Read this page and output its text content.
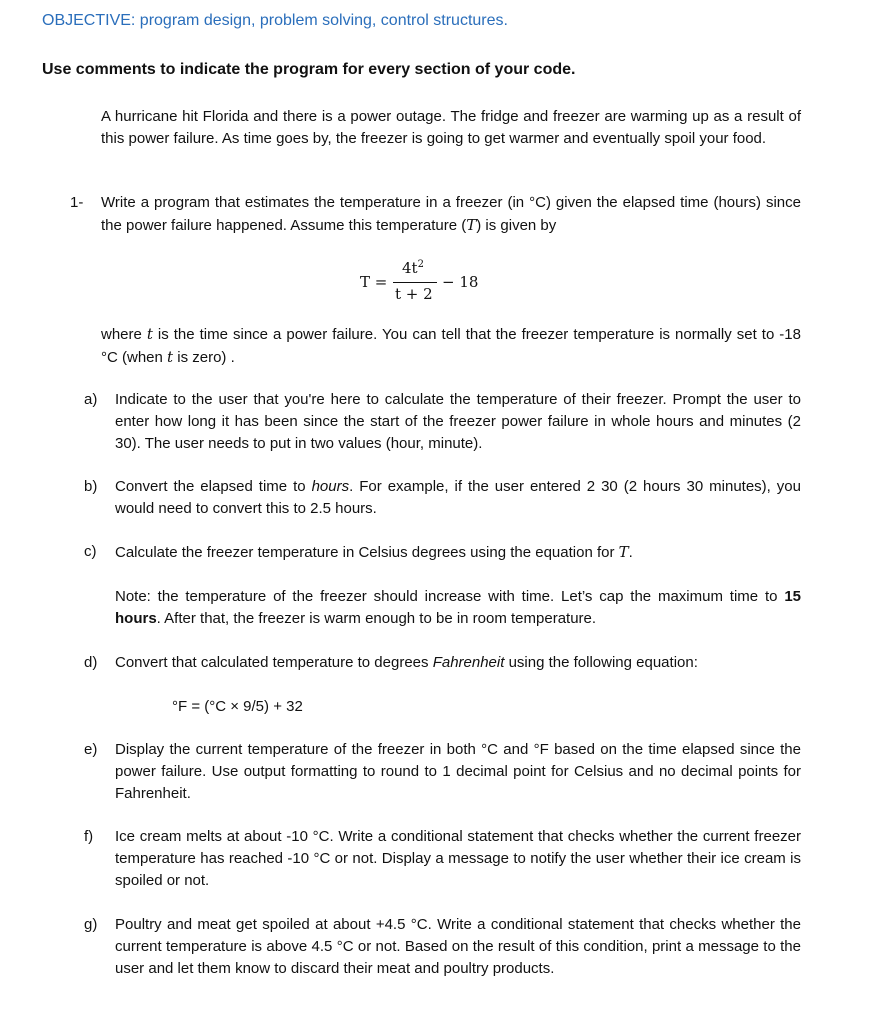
OBJECTIVE: program design, problem solving, control structures.
Use comments to indicate the program for every section of your code.
A hurricane hit Florida and there is a power outage. The fridge and freezer are warming up as a result of this power failure. As time goes by, the freezer is going to get warmer and eventually spoil your food.
1- Write a program that estimates the temperature in a freezer (in °C) given the elapsed time (hours) since the power failure happened. Assume this temperature (T) is given by
T =
$4t^2$
t + 2
− 18
where t is the time since a power failure. You can tell that the freezer temperature is normally set to -18 °C (when t is zero) .
a)	Indicate to the user that you're here to calculate the temperature of their freezer. Prompt the user to enter how long it has been since the start of the freezer power failure in whole hours and minutes (2 30). The user needs to put in two values (hour, minute).
b)	Convert the elapsed time to hours. For example, if the user entered 2 30 (2 hours 30 minutes), you would need to convert this to 2.5 hours.
c)	Calculate the freezer temperature in Celsius degrees using the equation for T.
Note: the temperature of the freezer should increase with time. Let’s cap the maximum time to 15 hours. After that, the freezer is warm enough to be in room temperature.
d)	Convert that calculated temperature to degrees Fahrenheit using the following equation:
°F = (°C × 9/5) + 32
e)	Display the current temperature of the freezer in both °C and °F based on the time elapsed since the power failure. Use output formatting to round to 1 decimal point for Celsius and no decimal points for Fahrenheit.
f)	Ice cream melts at about -10 °C. Write a conditional statement that checks whether the current freezer temperature has reached -10 °C or not. Display a message to notify the user whether their ice cream is spoiled or not.
g)	Poultry and meat get spoiled at about +4.5 °C. Write a conditional statement that checks whether the current temperature is above 4.5 °C or not. Based on the result of this condition, print a message to the user and let them know to discard their meat and poultry products.
